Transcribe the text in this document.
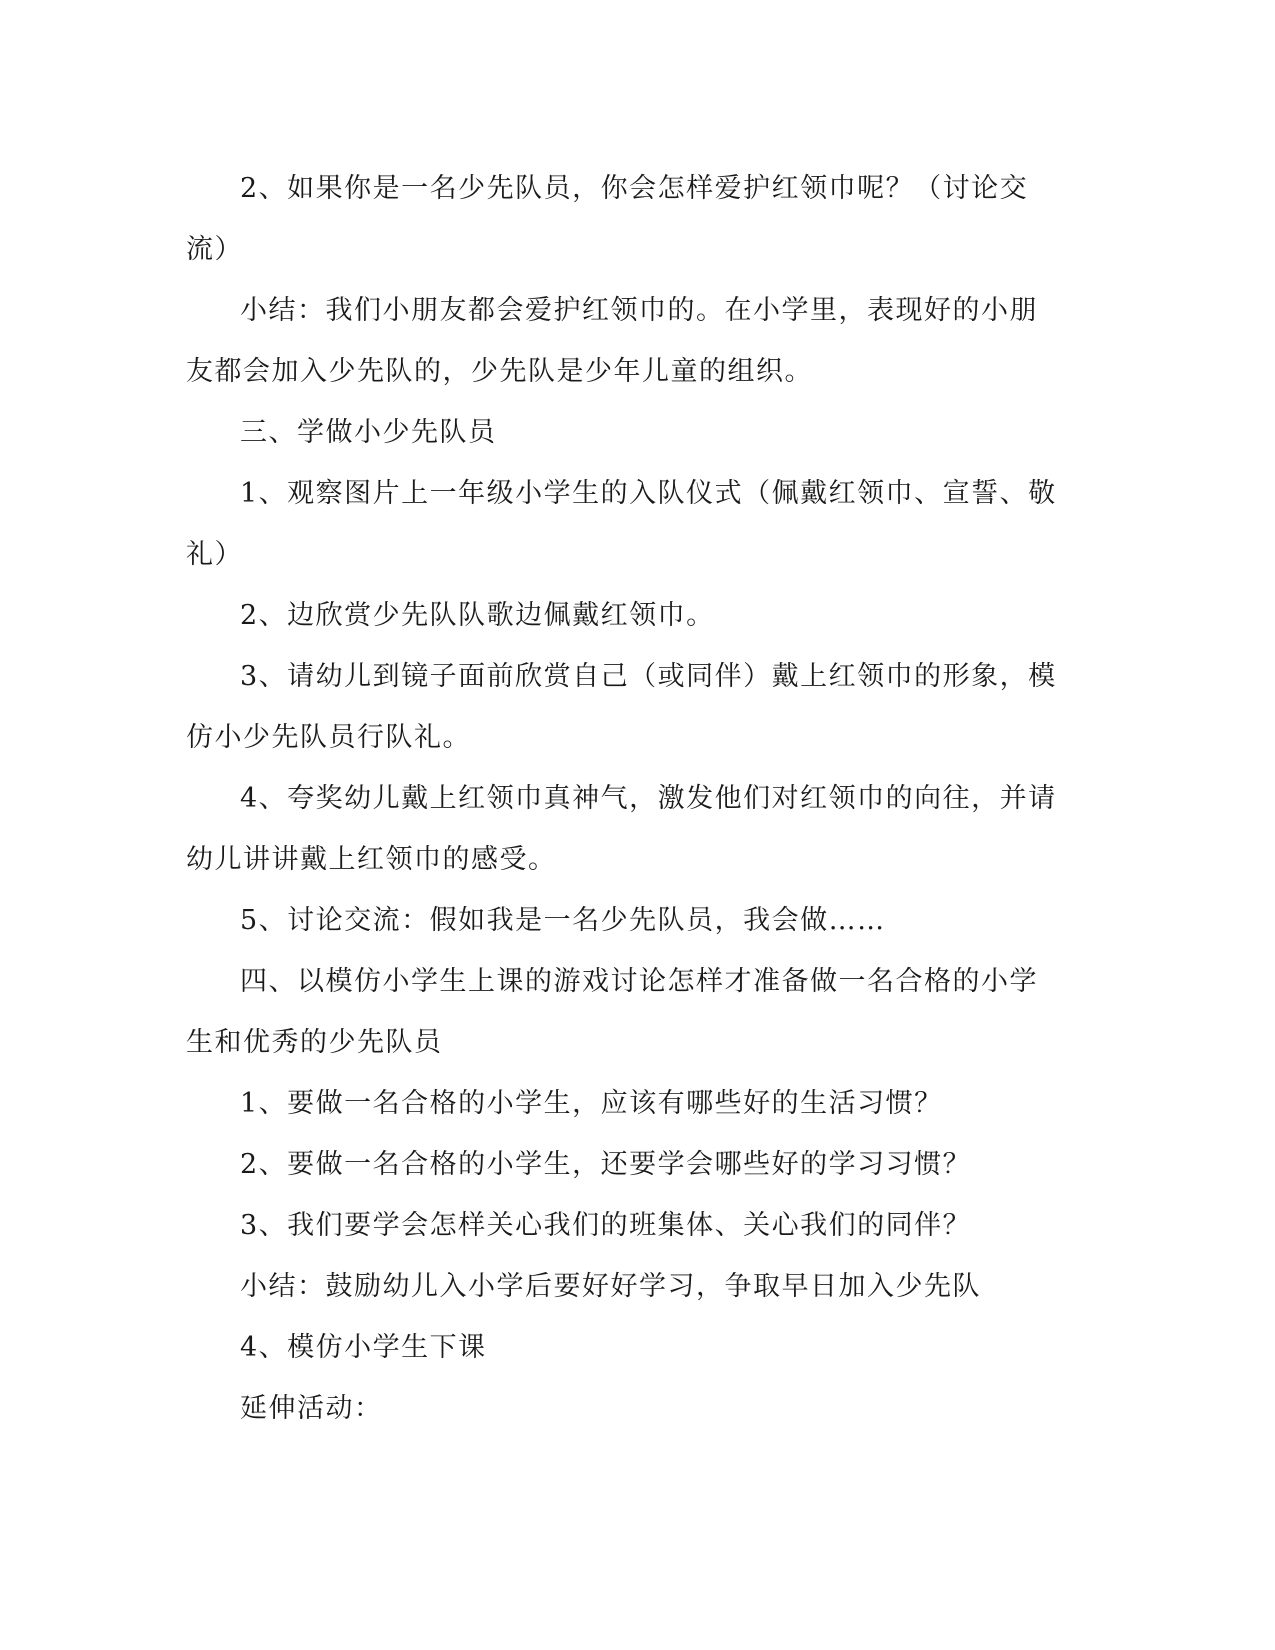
2、如果你是一名少先队员，你会怎样爱护红领巾呢？（讨论交流）

小结：我们小朋友都会爱护红领巾的。在小学里，表现好的小朋友都会加入少先队的，少先队是少年儿童的组织。

三、学做小少先队员

1、观察图片上一年级小学生的入队仪式（佩戴红领巾、宣誓、敬礼）

2、边欣赏少先队队歌边佩戴红领巾。

3、请幼儿到镜子面前欣赏自己（或同伴）戴上红领巾的形象，模仿小少先队员行队礼。

4、夸奖幼儿戴上红领巾真神气，激发他们对红领巾的向往，并请幼儿讲讲戴上红领巾的感受。

5、讨论交流：假如我是一名少先队员，我会做……

四、以模仿小学生上课的游戏讨论怎样才准备做一名合格的小学生和优秀的少先队员

1、要做一名合格的小学生，应该有哪些好的生活习惯？

2、要做一名合格的小学生，还要学会哪些好的学习习惯？

3、我们要学会怎样关心我们的班集体、关心我们的同伴？

小结：鼓励幼儿入小学后要好好学习，争取早日加入少先队

4、模仿小学生下课

延伸活动：
